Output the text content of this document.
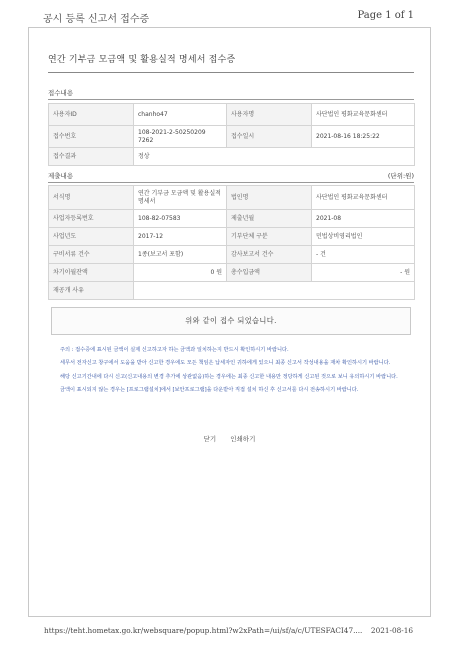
공시 등록 신고서 접수증	Page 1 of 1
연간 기부금 모금액 및 활용실적 명세서 접수증
접수내용
사용자ID	chanho47	사용자명	사단법인 평화교육문화센터
접수번호	108-2021-2-50250209 7262	접수일시	2021-08-16 18:25:22
접수결과	정상		
제출내용	(단위:원)
서식명	연간 기부금 모금액 및 활용실적 명세서	법인명	사단법인 평화교육문화센터
사업자등록번호	108-82-07583	제출년월	2021-08
사업년도	2017-12	기부단체 구분	민법상비영리법인
구비서류 건수	1종(보고서 포함)	감사보고서 건수	- 건
차기이월잔액	0 원	총수입금액	- 원
재공개 사유			
위와 같이 접수 되었습니다.

주의 : 접수증에 표시된 금액이 실제 신고하고자 하는 금액과 일치하는지 반드시 확인하시기 바랍니다.

세무서 전자신고 창구에서 도움을 받아 신고한 경우에도 모든 책임은 납세자인 귀하에게 있으니 최종 신고서 작성내용을 재차 확인하시기 바랍니다.

해당 신고기간내에 다시 신고(신고내용의 변경 추가에 상관없음)하는 경우에는 최종 신고한 내용만 정당하게 신고된 것으로 보니 유의하시기 바랍니다.

금액이 표시되지 않는 경우는 [프로그램설치]에서 [보안프로그램]을 다운받아 직접 설치 하신 후 신고서를 다시 전송하시기 바랍니다.

닫기 인쇄하기
https://teht.hometax.go.kr/websquare/popup.html?w2xPath=/ui/sf/a/c/UTESFACI47.... 2021-08-16
